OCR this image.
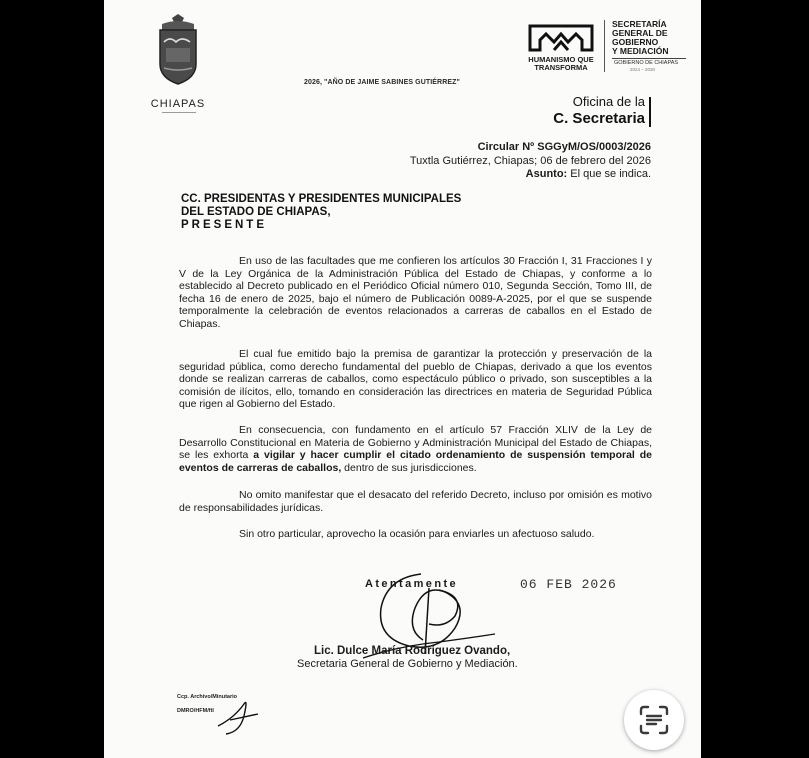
CHIAPAS
2026, "AÑO DE JAIME SABINES GUTIÉRREZ"
HUMANISMO QUE
TRANSFORMA
SECRETARÍA
GENERAL DE
GOBIERNO
Y MEDIACIÓN
GOBIERNO DE CHIAPAS
2024 – 2030
Oficina de la
C. Secretaria
Circular Nº SGGyM/OS/0003/2026
Tuxtla Gutiérrez, Chiapas; 06 de febrero del 2026
Asunto: El que se indica.
CC. PRESIDENTAS Y PRESIDENTES MUNICIPALES
DEL ESTADO DE CHIAPAS,
PRESENTE
En uso de las facultades que me confieren los artículos 30 Fracción I, 31 Fracciones I y V de la Ley Orgánica de la Administración Pública del Estado de Chiapas, y conforme a lo establecido al Decreto publicado en el Periódico Oficial número 010, Segunda Sección, Tomo III, de fecha 16 de enero de 2025, bajo el número de Publicación 0089-A-2025, por el que se suspende temporalmente la celebración de eventos relacionados a carreras de caballos en el Estado de Chiapas.
El cual fue emitido bajo la premisa de garantizar la protección y preservación de la seguridad pública, como derecho fundamental del pueblo de Chiapas, derivado a que los eventos donde se realizan carreras de caballos, como espectáculo público o privado, son susceptibles a la comisión de ilícitos, ello, tomando en consideración las directrices en materia de Seguridad Pública que rigen al Gobierno del Estado.
En consecuencia, con fundamento en el artículo 57 Fracción XLIV de la Ley de Desarrollo Constitucional en Materia de Gobierno y Administración Municipal del Estado de Chiapas, se les exhorta a vigilar y hacer cumplir el citado ordenamiento de suspensión temporal de eventos de carreras de caballos, dentro de sus jurisdicciones.
No omito manifestar que el desacato del referido Decreto, incluso por omisión es motivo de responsabilidades jurídicas.
Sin otro particular, aprovecho la ocasión para enviarles un afectuoso saludo.
Atentamente	06 FEB 2026
Lic. Dulce María Rodríguez Ovando,
Secretaria General de Gobierno y Mediación.
Ccp. Archivo/Minutario
DMRO/HFM/ftl
